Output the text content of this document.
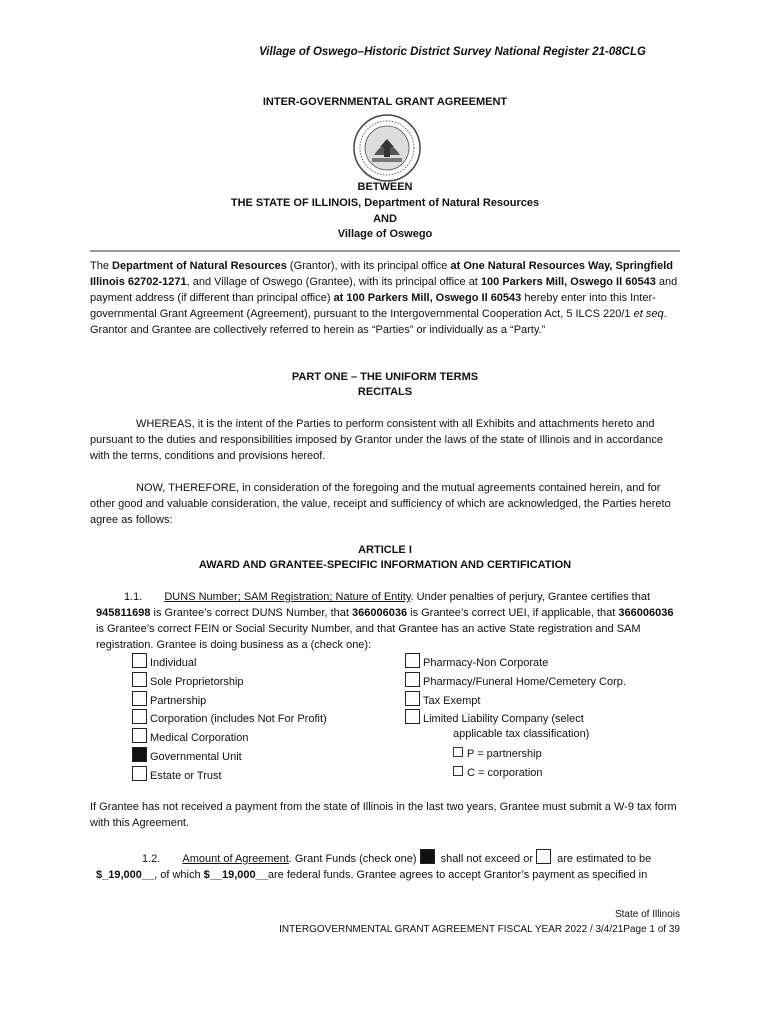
Village of Oswego–Historic District Survey National Register 21-08CLG
INTER-GOVERNMENTAL GRANT AGREEMENT
BETWEEN
THE STATE OF ILLINOIS, Department of Natural Resources
AND
Village of Oswego
The Department of Natural Resources (Grantor), with its principal office at One Natural Resources Way, Springfield Illinois 62702-1271, and Village of Oswego (Grantee), with its principal office at 100 Parkers Mill, Oswego Il 60543 and payment address (if different than principal office) at 100 Parkers Mill, Oswego Il 60543 hereby enter into this Inter-governmental Grant Agreement (Agreement), pursuant to the Intergovernmental Cooperation Act, 5 ILCS 220/1 et seq. Grantor and Grantee are collectively referred to herein as “Parties” or individually as a “Party.”
PART ONE – THE UNIFORM TERMS
RECITALS
WHEREAS, it is the intent of the Parties to perform consistent with all Exhibits and attachments hereto and pursuant to the duties and responsibilities imposed by Grantor under the laws of the state of Illinois and in accordance with the terms, conditions and provisions hereof.
NOW, THEREFORE, in consideration of the foregoing and the mutual agreements contained herein, and for other good and valuable consideration, the value, receipt and sufficiency of which are acknowledged, the Parties hereto agree as follows:
ARTICLE I
AWARD AND GRANTEE-SPECIFIC INFORMATION AND CERTIFICATION
1.1. DUNS Number; SAM Registration; Nature of Entity. Under penalties of perjury, Grantee certifies that 945811698 is Grantee’s correct DUNS Number, that 366006036 is Grantee’s correct UEI, if applicable, that 366006036 is Grantee’s correct FEIN or Social Security Number, and that Grantee has an active State registration and SAM registration. Grantee is doing business as a (check one):
Individual
Sole Proprietorship
Partnership
Corporation (includes Not For Profit)
Medical Corporation
Governmental Unit
Estate or Trust
Pharmacy-Non Corporate
Pharmacy/Funeral Home/Cemetery Corp.
Tax Exempt
Limited Liability Company (select
applicable tax classification)
P = partnership
C = corporation
If Grantee has not received a payment from the state of Illinois in the last two years, Grantee must submit a W-9 tax form with this Agreement.
1.2. Amount of Agreement. Grant Funds (check one)  shall not exceed or  are estimated to be
$_19,000__, of which $__19,000__are federal funds. Grantee agrees to accept Grantor’s payment as specified in
State of Illinois
INTERGOVERNMENTAL GRANT AGREEMENT FISCAL YEAR 2022 / 3/4/21Page 1 of 39
